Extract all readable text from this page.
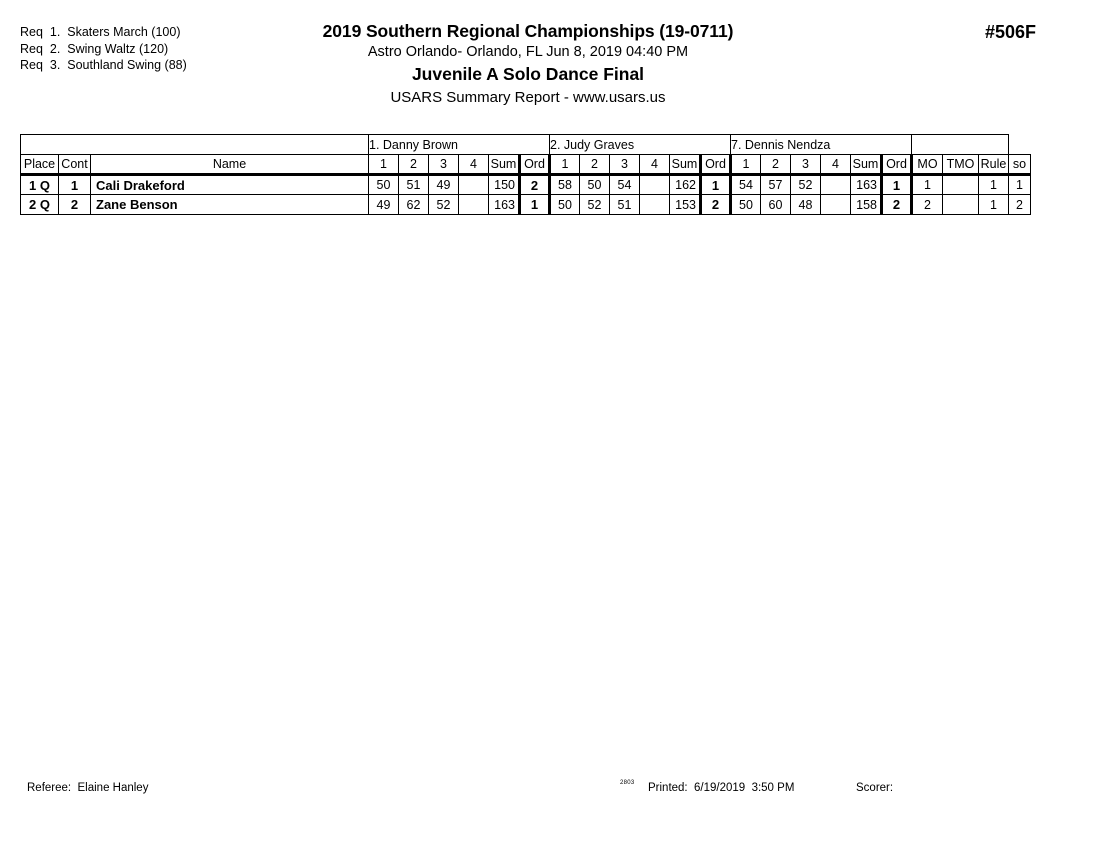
Req  1.  Skaters March (100)
Req  2.  Swing Waltz (120)
Req  3.  Southland Swing (88)
2019 Southern Regional Championships (19-0711)
Astro Orlando- Orlando, FL Jun 8, 2019 04:40 PM
Juvenile A Solo Dance Final
USARS Summary Report - www.usars.us
#506F
			1. Danny Brown						2. Judy Graves						7. Dennis Nendza									
Place	Cont	Name	1	2	3	4	Sum	Ord	1	2	3	4	Sum	Ord	1	2	3	4	Sum	Ord	MO	TMO	Rule	so
1 Q	1	Cali Drakeford	50	51	49		150	2	58	50	54		162	1	54	57	52		163	1	1		1	1
2 Q	2	Zane Benson	49	62	52		163	1	50	52	51		153	2	50	60	48		158	2	2		1	2
Referee:  Elaine Hanley	2803 Printed:  6/19/2019  3:50 PM	Scorer:
